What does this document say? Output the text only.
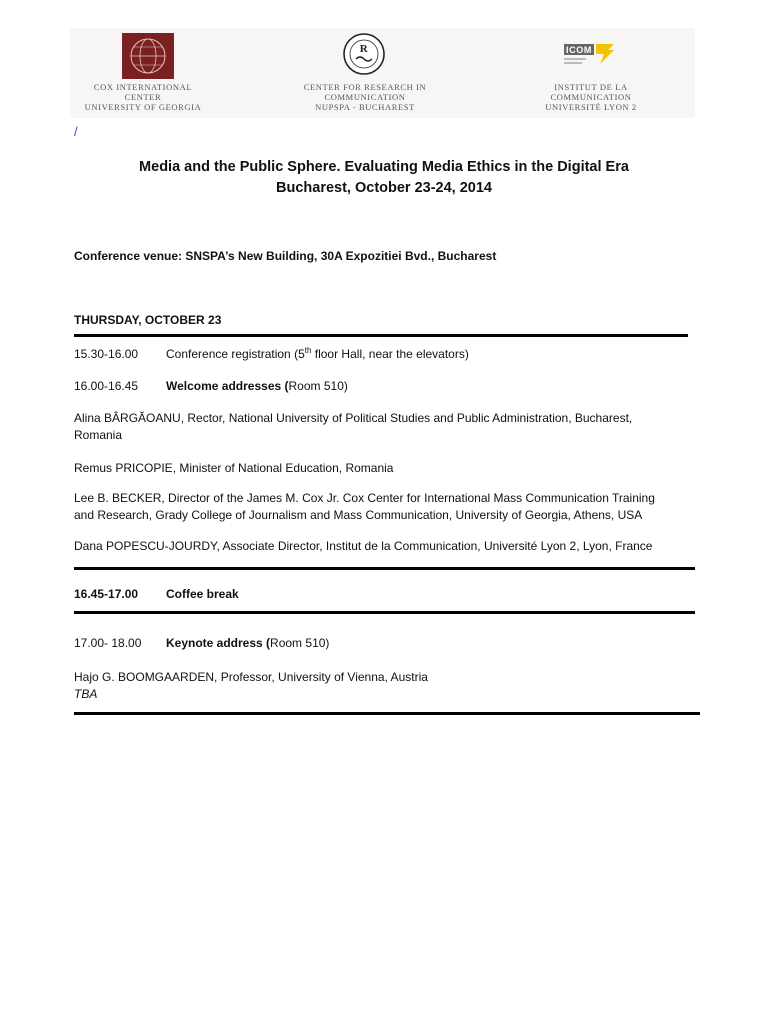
COX INTERNATIONAL CENTER
UNIVERSITY OF GEORGIA
R
CENTER FOR RESEARCH IN COMMUNICATION
NUPSPA - BUCHAREST
ICOM
INSTITUT DE LA COMMUNICATION
UNIVERSITÉ LYON 2
/
Media and the Public Sphere. Evaluating Media Ethics in the Digital Era
Bucharest, October 23-24, 2014
Conference venue: SNSPA’s New Building, 30A Expozitiei Bvd., Bucharest
THURSDAY, OCTOBER 23
15.30-16.00 Conference registration (5th floor Hall, near the elevators)
16.00-16.45 Welcome addresses (Room 510)
Alina BÂRGĂOANU, Rector, National University of Political Studies and Public Administration, Bucharest,
Romania
Remus PRICOPIE, Minister of National Education, Romania
Lee B. BECKER, Director of the James M. Cox Jr. Cox Center for International Mass Communication Training
and Research, Grady College of Journalism and Mass Communication, University of Georgia, Athens, USA
Dana POPESCU-JOURDY, Associate Director, Institut de la Communication, Université Lyon 2, Lyon, France
16.45-17.00 Coffee break
17.00- 18.00 Keynote address (Room 510)
Hajo G. BOOMGAARDEN, Professor, University of Vienna, Austria
TBA
